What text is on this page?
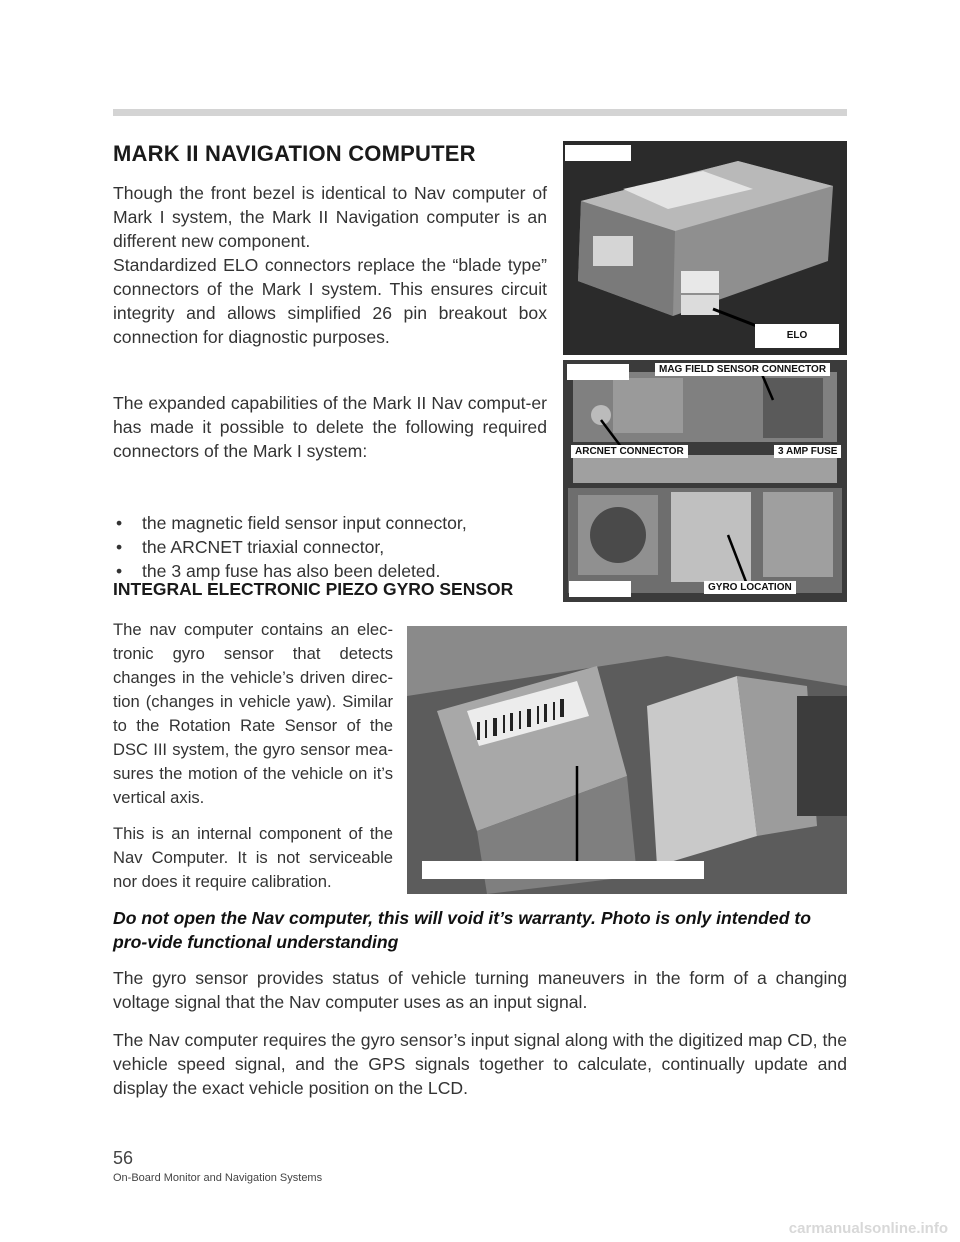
MARK II NAVIGATION COMPUTER

Though the front bezel is identical to Nav computer of Mark I system, the Mark II Navigation computer is an different new component.

Standardized ELO connectors replace the “blade type” connectors of the Mark I system. This ensures circuit integrity and allows simplified 26 pin breakout box connection for diagnostic purposes.

The expanded capabilities of the Mark II Nav comput-er has made it possible to delete the following required connectors of the Mark I system:

• the magnetic field sensor input connector,
• the ARCNET triaxial connector,
• the 3 amp fuse has also been deleted.
INTEGRAL ELECTRONIC PIEZO GYRO SENSOR

The nav computer contains an elec-tronic gyro sensor that detects changes in the vehicle’s driven direc-tion (changes in vehicle yaw). Similar to the Rotation Rate Sensor of the DSC III system, the gyro sensor mea-sures the motion of the vehicle on it’s vertical axis.

This is an internal component of the Nav Computer. It is not serviceable nor does it require calibration.

Do not open the Nav computer, this will void it’s warranty. Photo is only intended to pro-vide functional understanding

The gyro sensor provides status of vehicle turning maneuvers in the form of a changing voltage signal that the Nav computer uses as an input signal.

The Nav computer requires the gyro sensor’s input signal along with the digitized map CD, the vehicle speed signal, and the GPS signals together to calculate, continually update and display the exact vehicle position on the LCD.

ELO
MAG FIELD SENSOR CONNECTOR
ARCNET CONNECTOR	3 AMP FUSE
GYRO LOCATION
56
On-Board Monitor and Navigation Systems
carmanualsonline.info
